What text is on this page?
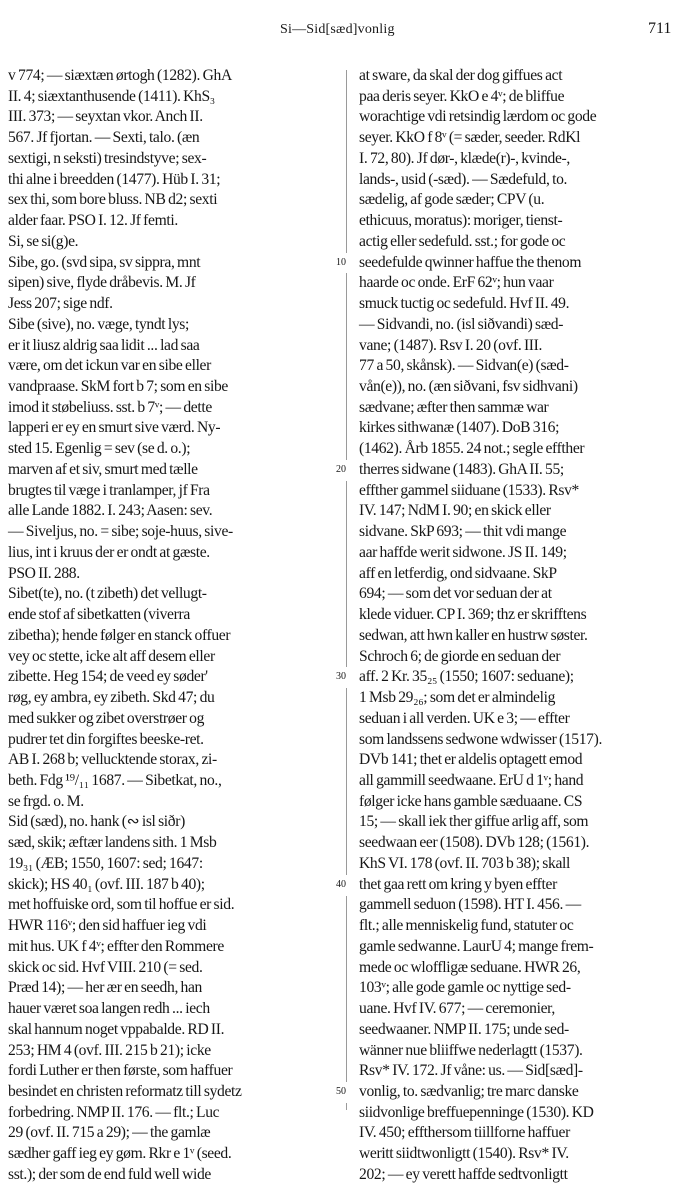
Si—Sid[sæd]vonlig	711
v 774; — siæxtæn ørtogh (1282). GhA
II. 4; siæxtanthusende (1411). KhS₃
III. 373; — seyxtan vkor. Anch II.
567. Jf fjortan. — Sexti, talo. (æn
sextigi, n seksti) tresindstyve; sex-
thi alne i breedden (1477). Hüb I. 31;
sex thi, som bore bluss. NB d2; sexti
alder faar. PSO I. 12. Jf femti.
Si, se si(g)e.
Sibe, go. (svd sipa, sv sippra, mnt
sipen) sive, flyde dråbevis. M. Jf
Jess 207; sige ndf.
Sibe (sive), no. væge, tyndt lys;
er it liusz aldrig saa lidit ... lad saa
være, om det ickun var en sibe eller
vandpraase. SkM fort b 7; som en sibe
imod it støbeliuss. sst. b 7ᵛ; — dette
lapperi er ey en smurt sive værd. Ny-
sted 15. Egenlig = sev (se d. o.);
marven af et siv, smurt med tælle
brugtes til væge i tranlamper, jf Fra
alle Lande 1882. I. 243; Aasen: sev.
— Siveljus, no. = sibe; soje-huus, sive-
lius, int i kruus der er ondt at gæste.
PSO II. 288.
Sibet(te), no. (t zibeth) det vellugt-
ende stof af sibetkatten (viverra
zibetha); hende følger en stanck offuer
vey oc stette, icke alt aff desem eller
zibette. Heg 154; de veed ey søder'
røg, ey ambra, ey zibeth. Skd 47; du
med sukker og zibet overstrøer og
pudrer tet din forgiftes beeske-ret.
AB I. 268 b; vellucktende storax, zi-
beth. Fdg ¹⁹/₁₁ 1687. — Sibetkat, no.,
se frgd. o. M.
Sid (sæd), no. hank (∾ isl siðr)
sæd, skik; æftær landens sith. 1 Msb
19₃₁ (ÆB; 1550, 1607: sed; 1647:
skick); HS 40₁ (ovf. III. 187 b 40);
met hoffuiske ord, som til hoffue er sid.
HWR 116ᵛ; den sid haffuer ieg vdi
mit hus. UK f 4ᵛ; effter den Rommere
skick oc sid. Hvf VIII. 210 (= sed.
Præd 14); — her ær en seedh, han
hauer været soa langen redh ... iech
skal hannum noget vppabalde. RD II.
253; HM 4 (ovf. III. 215 b 21); icke
fordi Luther er then første, som haffuer
besindet en christen reformatz till sydetz
forbedring. NMP II. 176. — flt.; Luc
29 (ovf. II. 715 a 29); — the gamlæ
sædher gaff ieg ey gøm. Rkr e 1ᵛ (seed.
sst.); der som de end fuld well wide
10
20
30
40
50
at sware, da skal der dog giffues act
paa deris seyer. KkO e 4ᵛ; de bliffue
worachtige vdi retsindig lærdom oc gode
seyer. KkO f 8ᵛ (= sæder, seeder. RdKl
I. 72, 80). Jf dør-, klæde(r)-, kvinde-,
lands-, usid (-sæd). — Sædefuld, to.
sædelig, af gode sæder; CPV (u.
ethicuus, moratus): moriger, tienst-
actig eller sedefuld. sst.; for gode oc
seedefulde qwinner haffue the thenom
haarde oc onde. ErF 62ᵛ; hun vaar
smuck tuctig oc sedefuld. Hvf II. 49.
— Sidvandi, no. (isl siðvandi) sæd-
vane; (1487). Rsv I. 20 (ovf. III.
77 a 50, skånsk). — Sidvan(e) (sæd-
vån(e)), no. (æn siðvani, fsv sidhvani)
sædvane; æfter then sammæ war
kirkes sithwanæ (1407). DoB 316;
(1462). Årb 1855. 24 not.; segle effther
therres sidwane (1483). GhA II. 55;
effther gammel siiduane (1533). Rsv*
IV. 147; NdM I. 90; en skick eller
sidvane. SkP 693; — thit vdi mange
aar haffde werit sidwone. JS II. 149;
aff en letferdig, ond sidvaane. SkP
694; — som det vor seduan der at
klede viduer. CP I. 369; thz er skrifftens
sedwan, att hwn kaller en hustrw søster.
Schroch 6; de giorde en seduan der
aff. 2 Kr. 35₂₅ (1550; 1607: seduane);
1 Msb 29₂₆; som det er almindelig
seduan i all verden. UK e 3; — effter
som landssens sedwone wdwisser (1517).
DVb 141; thet er aldelis optagett emod
all gammill seedwaane. ErU d 1ᵛ; hand
følger icke hans gamble sæduaane. CS
15; — skall iek ther giffue arlig aff, som
seedwaan eer (1508). DVb 128; (1561).
KhS VI. 178 (ovf. II. 703 b 38); skall
thet gaa rett om kring y byen effter
gammell seduon (1598). HT I. 456. —
flt.; alle menniskelig fund, statuter oc
gamle sedwanne. LaurU 4; mange frem-
mede oc wloffligæ seduane. HWR 26,
103ᵛ; alle gode gamle oc nyttige sed-
uane. Hvf IV. 677; — ceremonier,
seedwaaner. NMP II. 175; unde sed-
wänner nue bliiffwe nederlagtt (1537).
Rsv* IV. 172. Jf våne: us. — Sid[sæd]-
vonlig, to. sædvanlig; tre marc danske
siidvonlige breffuepenninge (1530). KD
IV. 450; effthersom tiillforne haffuer
weritt siidtwonligtt (1540). Rsv* IV.
202; — ey verett haffde sedtvonligtt
